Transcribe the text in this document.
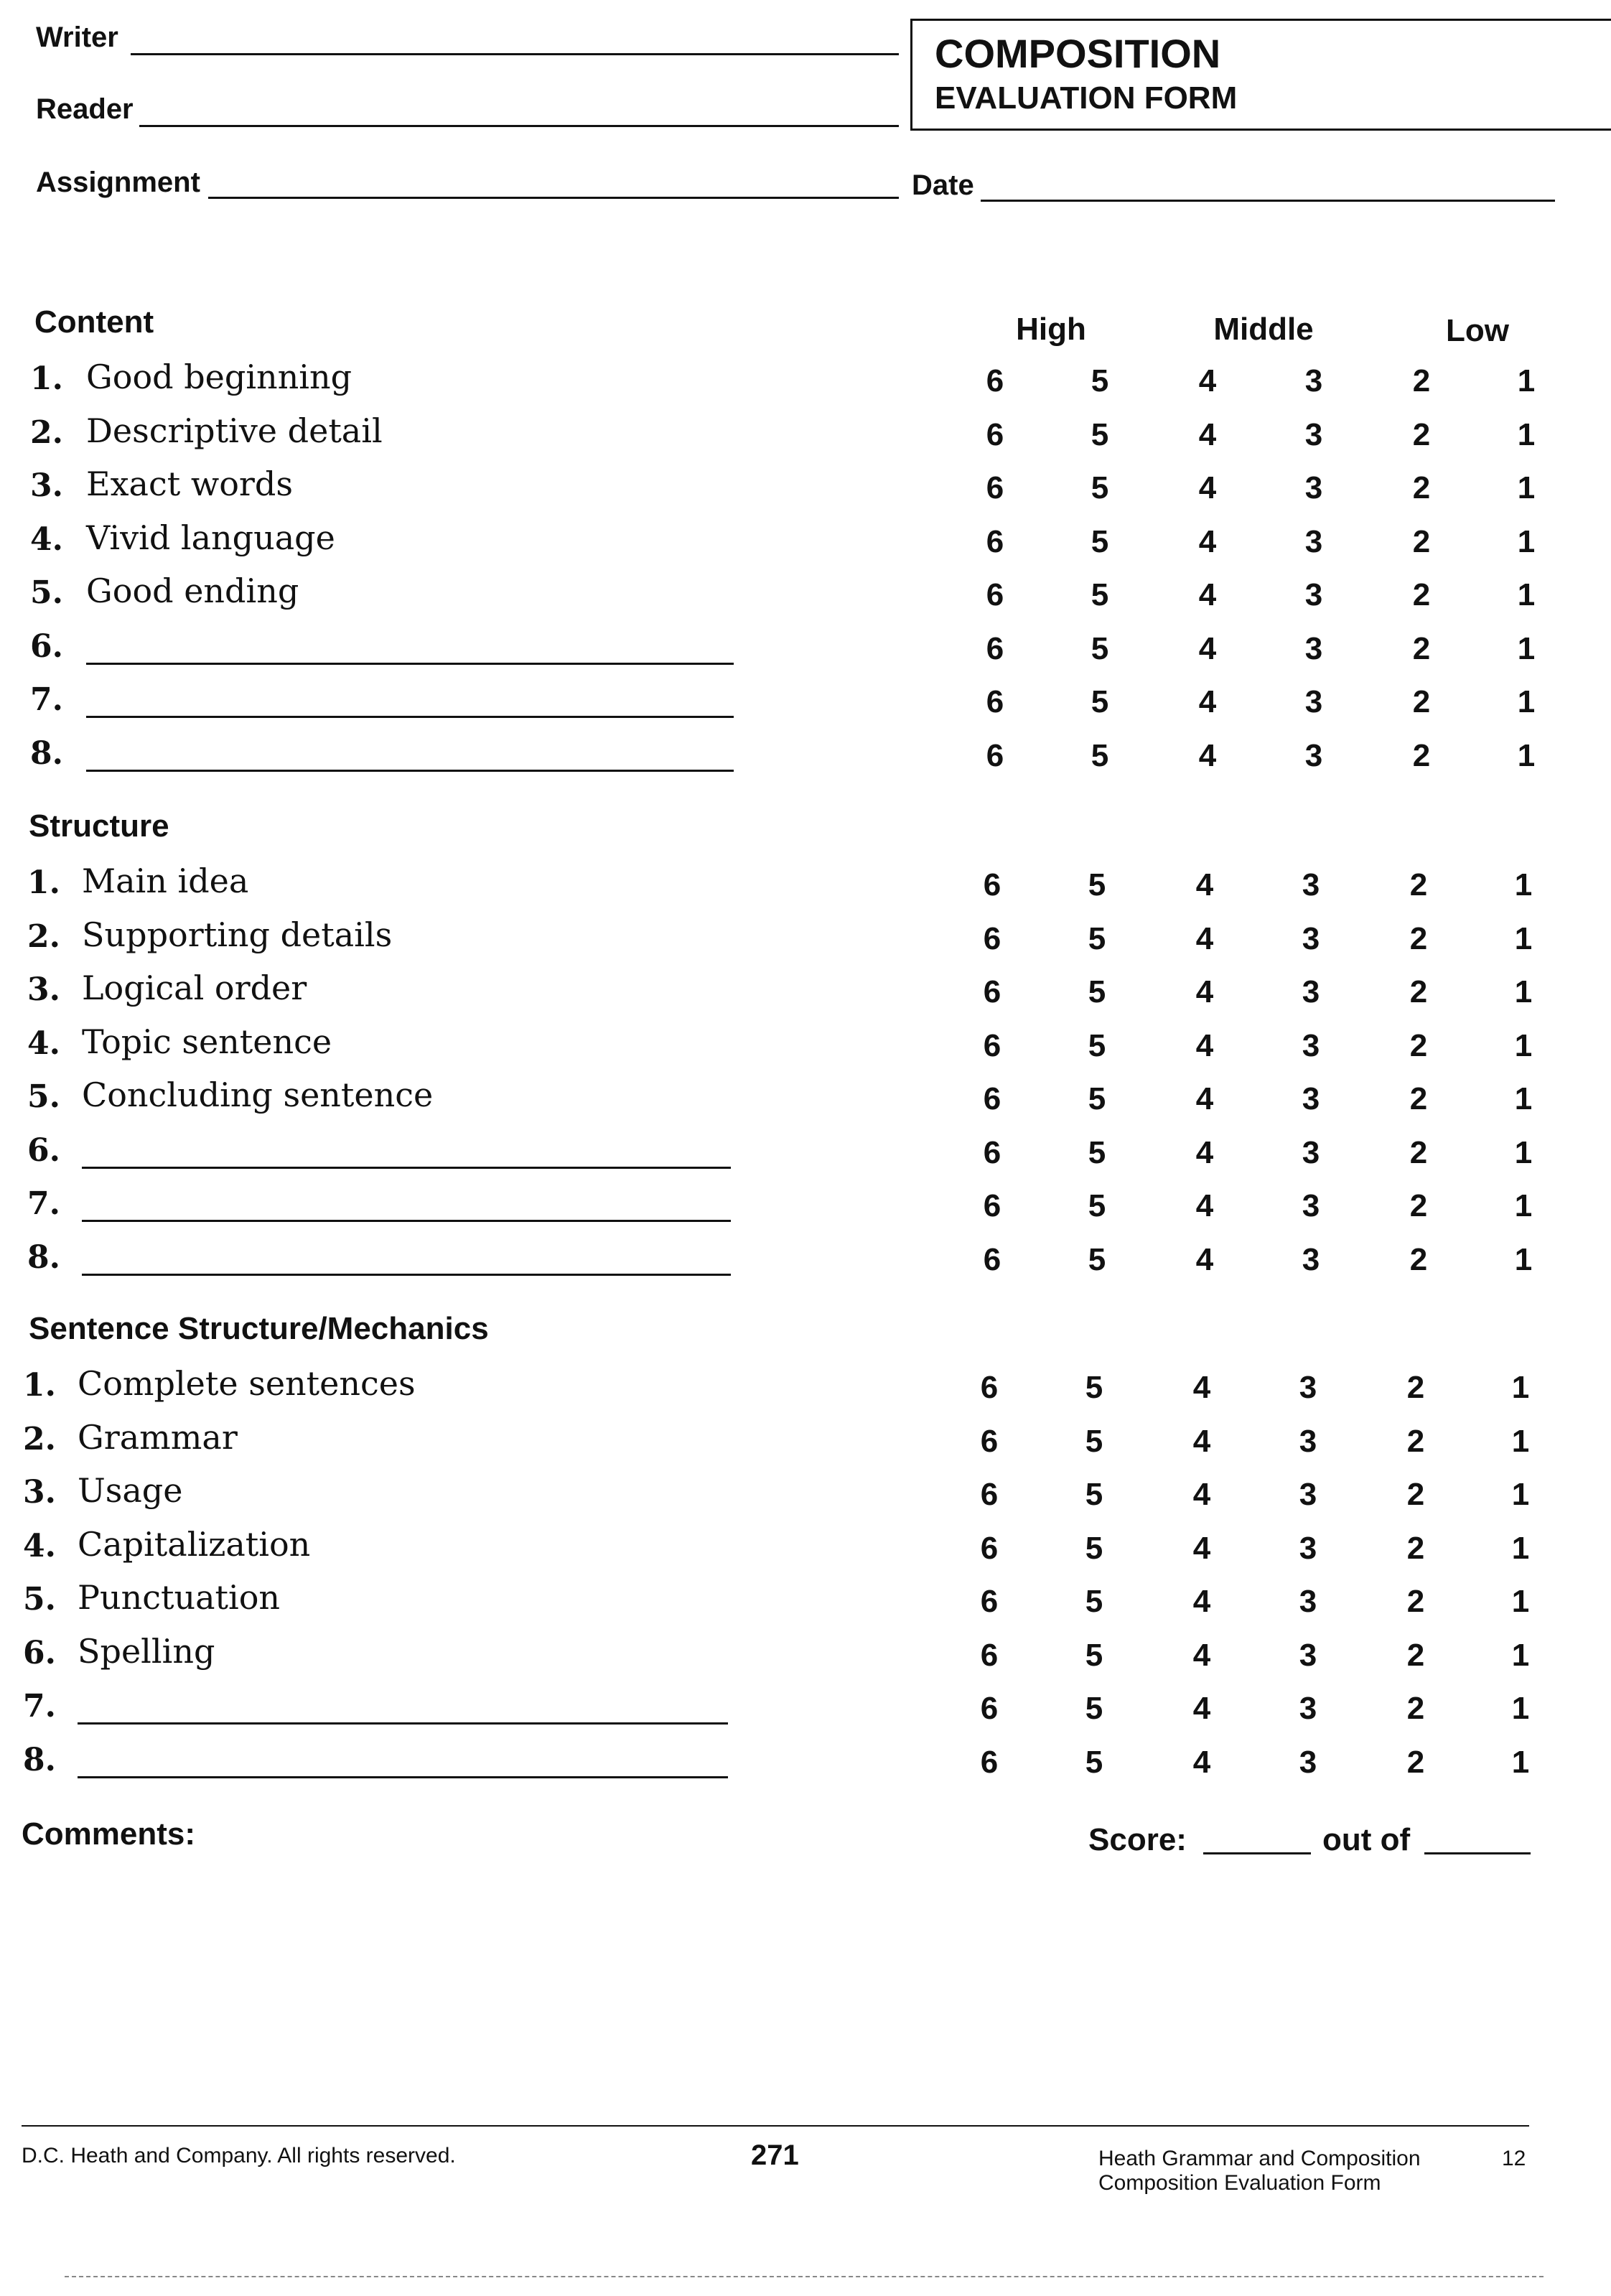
Writer
Reader
Assignment	Date
COMPOSITION
EVALUATION FORM
High	Middle	Low
Content
1. Good beginning	6	5	4	3	2	1
2. Descriptive detail	6	5	4	3	2	1
3. Exact words	6	5	4	3	2	1
4. Vivid language	6	5	4	3	2	1
5. Good ending	6	5	4	3	2	1
6.	6	5	4	3	2	1
7.	6	5	4	3	2	1
8.	6	5	4	3	2	1
Structure
1. Main idea	6	5	4	3	2	1
2. Supporting details	6	5	4	3	2	1
3. Logical order	6	5	4	3	2	1
4. Topic sentence	6	5	4	3	2	1
5. Concluding sentence	6	5	4	3	2	1
6.	6	5	4	3	2	1
7.	6	5	4	3	2	1
8.	6	5	4	3	2	1
Sentence Structure/Mechanics
1. Complete sentences	6	5	4	3	2	1
2. Grammar	6	5	4	3	2	1
3. Usage	6	5	4	3	2	1
4. Capitalization	6	5	4	3	2	1
5. Punctuation	6	5	4	3	2	1
6. Spelling	6	5	4	3	2	1
7.	6	5	4	3	2	1
8.	6	5	4	3	2	1
Comments:	Score:	out of
D.C. Heath and Company. All rights reserved.	271	Heath Grammar and Composition
Composition Evaluation Form
12
